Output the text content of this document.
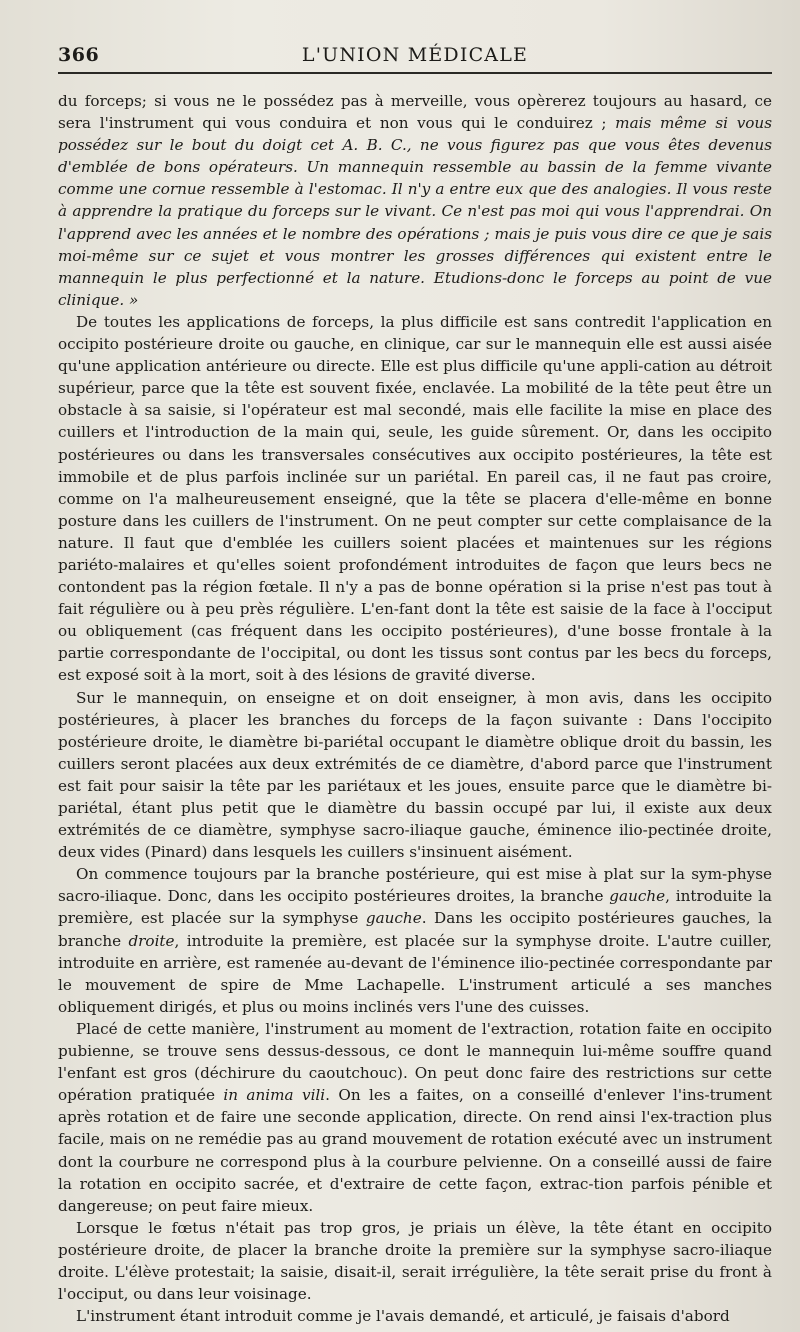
366	L'UNION MÉDICALE

du forceps; si vous ne le possédez pas à merveille, vous opèrerez toujours au hasard, ce sera l'instrument qui vous conduira et non vous qui le conduirez ; mais même si vous possédez sur le bout du doigt cet A. B. C., ne vous figurez pas que vous êtes devenus d'emblée de bons opérateurs. Un mannequin ressemble au bassin de la femme vivante comme une cornue ressemble à l'estomac. Il n'y a entre eux que des analogies. Il vous reste à apprendre la pratique du forceps sur le vivant. Ce n'est pas moi qui vous l'apprendrai. On l'apprend avec les années et le nombre des opérations ; mais je puis vous dire ce que je sais moi-même sur ce sujet et vous montrer les grosses différences qui existent entre le mannequin le plus perfectionné et la nature. Etudions-donc le forceps au point de vue clinique. »

De toutes les applications de forceps, la plus difficile est sans contredit l'application en occipito postérieure droite ou gauche, en clinique, car sur le mannequin elle est aussi aisée qu'une application antérieure ou directe. Elle est plus difficile qu'une appli-cation au détroit supérieur, parce que la tête est souvent fixée, enclavée. La mobilité de la tête peut être un obstacle à sa saisie, si l'opérateur est mal secondé, mais elle facilite la mise en place des cuillers et l'introduction de la main qui, seule, les guide sûrement. Or, dans les occipito postérieures ou dans les transversales consécutives aux occipito postérieures, la tête est immobile et de plus parfois inclinée sur un pariétal. En pareil cas, il ne faut pas croire, comme on l'a malheureusement enseigné, que la tête se placera d'elle-même en bonne posture dans les cuillers de l'instrument. On ne peut compter sur cette complaisance de la nature. Il faut que d'emblée les cuillers soient placées et maintenues sur les régions pariéto-malaires et qu'elles soient profondément introduites de façon que leurs becs ne contondent pas la région fœtale. Il n'y a pas de bonne opération si la prise n'est pas tout à fait régulière ou à peu près régulière. L'en-fant dont la tête est saisie de la face à l'occiput ou obliquement (cas fréquent dans les occipito postérieures), d'une bosse frontale à la partie correspondante de l'occipital, ou dont les tissus sont contus par les becs du forceps, est exposé soit à la mort, soit à des lésions de gravité diverse.

Sur le mannequin, on enseigne et on doit enseigner, à mon avis, dans les occipito postérieures, à placer les branches du forceps de la façon suivante : Dans l'occipito postérieure droite, le diamètre bi-pariétal occupant le diamètre oblique droit du bassin, les cuillers seront placées aux deux extrémités de ce diamètre, d'abord parce que l'instrument est fait pour saisir la tête par les pariétaux et les joues, ensuite parce que le diamètre bi-pariétal, étant plus petit que le diamètre du bassin occupé par lui, il existe aux deux extrémités de ce diamètre, symphyse sacro-iliaque gauche, éminence ilio-pectinée droite, deux vides (Pinard) dans lesquels les cuillers s'insinuent aisément.

On commence toujours par la branche postérieure, qui est mise à plat sur la sym-physe sacro-iliaque. Donc, dans les occipito postérieures droites, la branche gauche, introduite la première, est placée sur la symphyse gauche. Dans les occipito postérieures gauches, la branche droite, introduite la première, est placée sur la symphyse droite. L'autre cuiller, introduite en arrière, est ramenée au-devant de l'éminence ilio-pectinée correspondante par le mouvement de spire de Mme Lachapelle. L'instrument articulé a ses manches obliquement dirigés, et plus ou moins inclinés vers l'une des cuisses.

Placé de cette manière, l'instrument au moment de l'extraction, rotation faite en occipito pubienne, se trouve sens dessus-dessous, ce dont le mannequin lui-même souffre quand l'enfant est gros (déchirure du caoutchouc). On peut donc faire des restrictions sur cette opération pratiquée in anima vili. On les a faites, on a conseillé d'enlever l'ins-trument après rotation et de faire une seconde application, directe. On rend ainsi l'ex-traction plus facile, mais on ne remédie pas au grand mouvement de rotation exécuté avec un instrument dont la courbure ne correspond plus à la courbure pelvienne. On a conseillé aussi de faire la rotation en occipito sacrée, et d'extraire de cette façon, extrac-tion parfois pénible et dangereuse; on peut faire mieux.

Lorsque le fœtus n'était pas trop gros, je priais un élève, la tête étant en occipito postérieure droite, de placer la branche droite la première sur la symphyse sacro-iliaque droite. L'élève protestait; la saisie, disait-il, serait irrégulière, la tête serait prise du front à l'occiput, ou dans leur voisinage.

L'instrument étant introduit comme je l'avais demandé, et articulé, je faisais d'abord
